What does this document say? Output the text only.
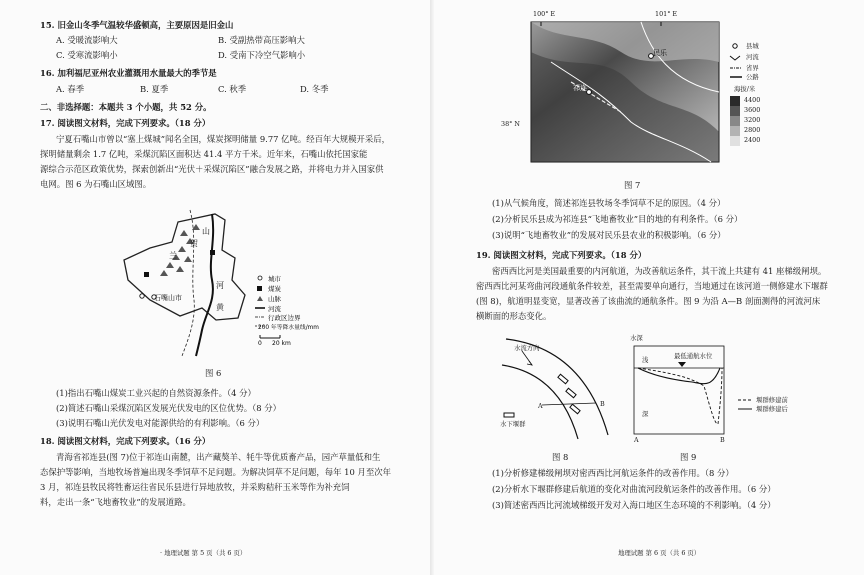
15. 旧金山冬季气温较华盛顿高，主要原因是旧金山
A. 受暖流影响大	B. 受副热带高压影响大
C. 受寒流影响小	D. 受南下冷空气影响小
16. 加利福尼亚州农业灌溉用水量最大的季节是
A. 春季	B. 夏季	C. 秋季	D. 冬季
二、非选择题：本题共 3 个小题，共 52 分。
17. 阅读图文材料，完成下列要求。（18 分）
宁夏石嘴山市曾以“塞上煤城”闻名全国，煤炭探明储量 9.77 亿吨。经百年大规模开采后，
探明储量剩余 1.7 亿吨，采煤沉陷区面积达 41.4 平方千米。近年来，石嘴山依托国家能
源综合示范区政策优势，探索创新出“光伏＋采煤沉陷区”融合发展之路，并将电力并入国家供
电网。图 6 为石嘴山区域图。
兰
贺
山
黄
河
石嘴山市
城市
煤炭
山脉
河流
行政区边界
200 年等降水量线/mm
0 20 km
图 6
(1)指出石嘴山煤炭工业兴起的自然资源条件。（4 分）
(2)简述石嘴山采煤沉陷区发展光伏发电的区位优势。（8 分）
(3)说明石嘴山光伏发电对能源供给的有利影响。（6 分）
18. 阅读图文材料，完成下列要求。（16 分）
青海省祁连县(图 7)位于祁连山南麓，出产藏獒羊、牦牛等优质畜产品，园产草量低和生
态保护等影响，当地牧场普遍出现冬季饲草不足问题。为解决饲草不足问题，每年 10 月至次年
3 月，祁连县牧民将牲畜运往省民乐县进行异地放牧，并采购秸秆玉米等作为补充饲
料，走出一条“飞地畜牧业”的发展道路。
· 地理试题 第 5 页（共 6 页）
民乐
祁连
100° E	101° E
38° N
县城
河流
省界
公路
海拔/米
4400
3600
3200
2800
2400
图 7
(1)从气候角度，简述祁连县牧场冬季饲草不足的原因。（4 分）
(2)分析民乐县成为祁连县“飞地畜牧业”目的地的有利条件。（6 分）
(3)说明“飞地畜牧业”的发展对民乐县农业的积极影响。（6 分）
19. 阅读图文材料，完成下列要求。（18 分）
密西西比河是美国最重要的内河航道，为改善航运条件，其干流上共建有 41 座梯级闸坝。
密西西比河某弯曲河段通航条件较差，甚至需要单向通行，当地通过在该河道一侧修建水下堰群
(图 8)，航道明显变宽，显著改善了该曲流的通航条件。图 9 为沿 A—B 剖面测得的河流河床
横断面的形态变化。
水流方向
A	B
水下堰群
图 8
水深
浅
深
最低通航水位
A	B
堰群修建前
堰群修建后
图 9
(1)分析修建梯级闸坝对密西西比河航运条件的改善作用。（8 分）
(2)分析水下堰群修建后航道的变化对曲流河段航运条件的改善作用。（6 分）
(3)简述密西西比河流域梯级开发对入海口地区生态环境的不利影响。（4 分）
地理试题 第 6 页（共 6 页）
